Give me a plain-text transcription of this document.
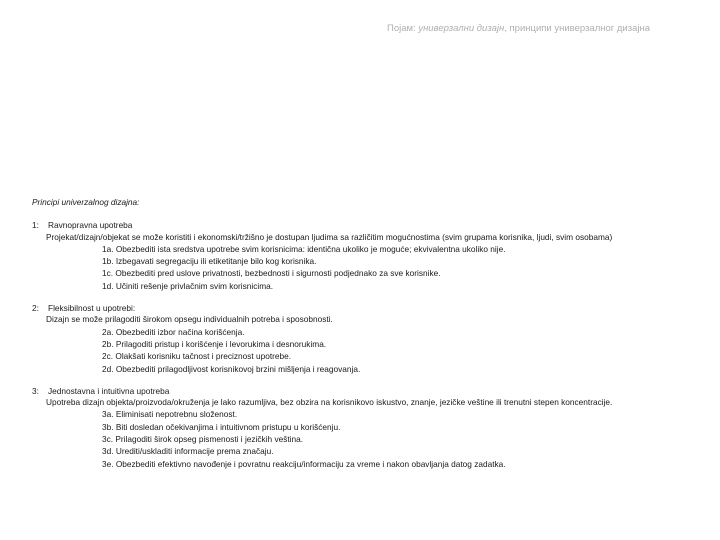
Појам: универзални дизајн, принципи универзалног дизајна
Principi univerzalnog dizajna:
1:	Ravnopravna upotreba
Projekat/dizajn/objekat se može koristiti i ekonomski/tržišno je dostupan ljudima sa različitim mogućnostima (svim grupama korisnika, ljudi, svim osobama)
1a. Obezbediti ista sredstva upotrebe svim korisnicima: identična ukoliko je moguće; ekvivalentna ukoliko nije.
1b. Izbegavati segregaciju ili etiketitanje bilo kog korisnika.
1c. Obezbediti pred uslove privatnosti, bezbednosti i sigurnosti podjednako za sve korisnike.
1d. Učiniti rešenje privlačnim svim korisnicima.
2:	Fleksibilnost u upotrebi:
Dizajn se može prilagoditi širokom opsegu individualnih potreba i sposobnosti.
2a. Obezbediti izbor načina korišćenja.
2b. Prilagoditi pristup i korišćenje i levorukima i desnorukima.
2c. Olakšati korisniku tačnost i preciznost upotrebe.
2d. Obezbediti prilagodljivost korisnikovoj brzini mišljenja i reagovanja.
3:	Jednostavna i intuitivna upotreba
Upotreba dizajn objekta/proizvoda/okruženja je lako razumljiva, bez obzira na korisnikovo iskustvo, znanje, jezičke veštine ili trenutni stepen koncentracije.
3a. Eliminisati nepotrebnu složenost.
3b. Biti dosledan očekivanjima i intuitivnom pristupu u korišćenju.
3c. Prilagoditi širok opseg pismenosti i jezičkih veština.
3d. Urediti/uskladiti informacije prema značaju.
3e. Obezbediti efektivno navođenje i povratnu reakciju/informaciju za vreme i nakon obavljanja datog zadatka.
